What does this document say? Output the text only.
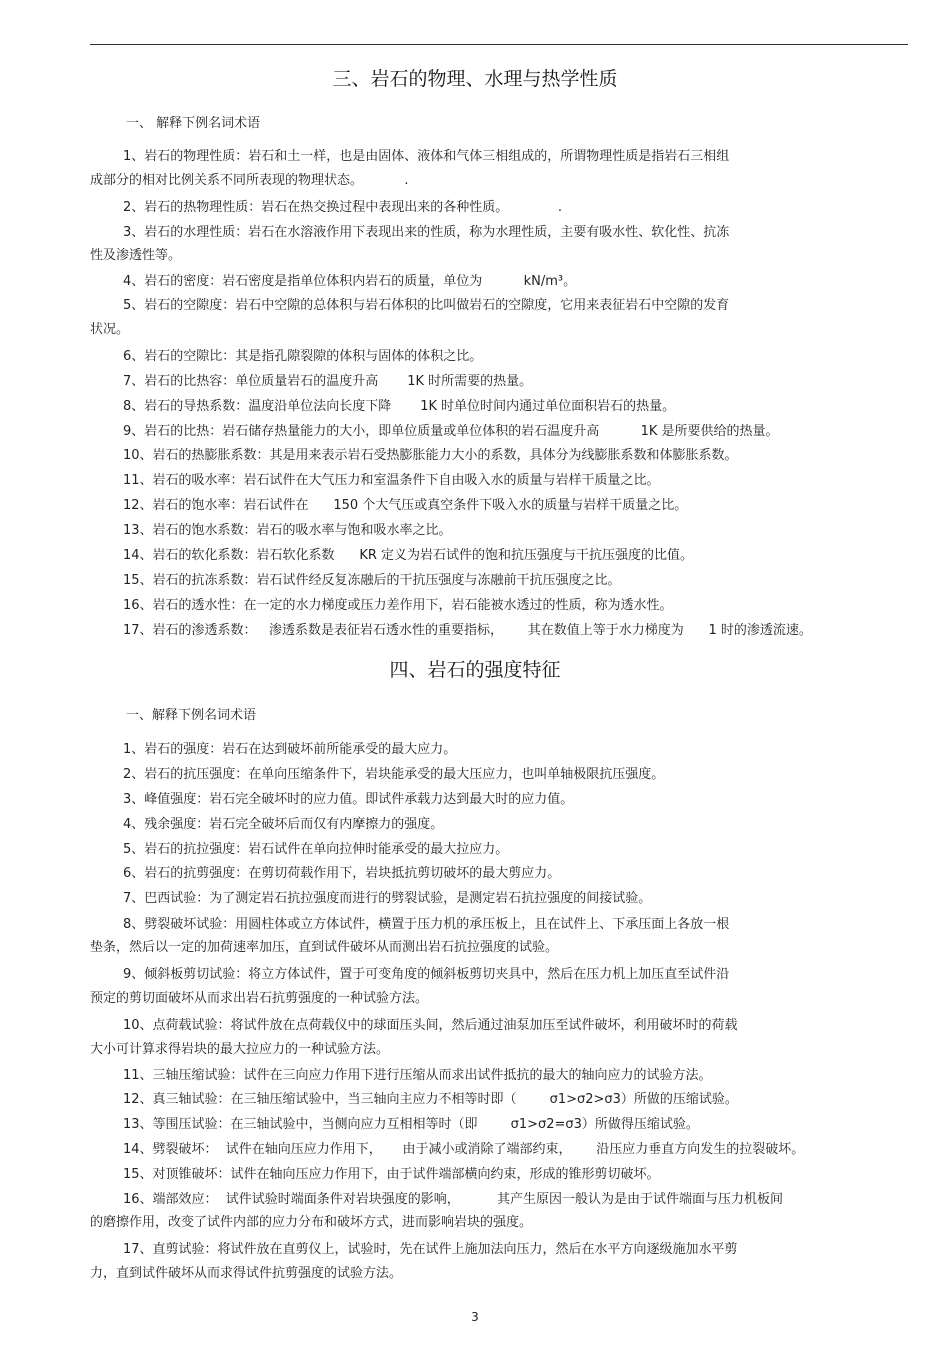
三、岩石的物理、水理与热学性质
一、 解释下例名词术语
1、岩石的物理性质：岩石和土一样，也是由固体、液体和气体三相组成的，所谓物理性质是指岩石三相组
成部分的相对比例关系不同所表现的物理状态。          .
2、岩石的热物理性质：岩石在热交换过程中表现出来的各种性质。            .
3、岩石的水理性质：岩石在水溶液作用下表现出来的性质，称为水理性质，主要有吸水性、软化性、抗冻
性及渗透性等。
4、岩石的密度：岩石密度是指单位体积内岩石的质量，单位为          kN/m³。
5、岩石的空隙度：岩石中空隙的总体积与岩石体积的比叫做岩石的空隙度，它用来表征岩石中空隙的发育
状况。
6、岩石的空隙比：其是指孔隙裂隙的体积与固体的体积之比。
7、岩石的比热容：单位质量岩石的温度升高       1K 时所需要的热量。
8、岩石的导热系数：温度沿单位法向长度下降       1K 时单位时间内通过单位面积岩石的热量。
9、岩石的比热：岩石储存热量能力的大小，即单位质量或单位体积的岩石温度升高          1K 是所要供给的热量。
10、岩石的热膨胀系数：其是用来表示岩石受热膨胀能力大小的系数，具体分为线膨胀系数和体膨胀系数。
11、岩石的吸水率：岩石试件在大气压力和室温条件下自由吸入水的质量与岩样干质量之比。
12、岩石的饱水率：岩石试件在      150 个大气压或真空条件下吸入水的质量与岩样干质量之比。
13、岩石的饱水系数：岩石的吸水率与饱和吸水率之比。
14、岩石的软化系数：岩石软化系数      KR 定义为岩石试件的饱和抗压强度与干抗压强度的比值。
15、岩石的抗冻系数：岩石试件经反复冻融后的干抗压强度与冻融前干抗压强度之比。
16、岩石的透水性：在一定的水力梯度或压力差作用下，岩石能被水透过的性质，称为透水性。
17、岩石的渗透系数：   渗透系数是表征岩石透水性的重要指标，      其在数值上等于水力梯度为      1 时的渗透流速。
四、岩石的强度特征
一、解释下例名词术语
1、岩石的强度：岩石在达到破坏前所能承受的最大应力。
2、岩石的抗压强度：在单向压缩条件下，岩块能承受的最大压应力，也叫单轴极限抗压强度。
3、峰值强度：岩石完全破坏时的应力值。即试件承载力达到最大时的应力值。
4、残余强度：岩石完全破坏后而仅有内摩擦力的强度。
5、岩石的抗拉强度：岩石试件在单向拉伸时能承受的最大拉应力。
6、岩石的抗剪强度：在剪切荷载作用下，岩块抵抗剪切破坏的最大剪应力。
7、巴西试验：为了测定岩石抗拉强度而进行的劈裂试验，是测定岩石抗拉强度的间接试验。
8、劈裂破坏试验：用圆柱体或立方体试件，横置于压力机的承压板上，且在试件上、下承压面上各放一根
垫条，然后以一定的加荷速率加压，直到试件破坏从而测出岩石抗拉强度的试验。
9、倾斜板剪切试验：将立方体试件，置于可变角度的倾斜板剪切夹具中，然后在压力机上加压直至试件沿
预定的剪切面破坏从而求出岩石抗剪强度的一种试验方法。
10、点荷载试验：将试件放在点荷载仪中的球面压头间，然后通过油泵加压至试件破坏，利用破坏时的荷载
大小可计算求得岩块的最大拉应力的一种试验方法。
11、三轴压缩试验：试件在三向应力作用下进行压缩从而求出试件抵抗的最大的轴向应力的试验方法。
12、真三轴试验：在三轴压缩试验中，当三轴向主应力不相等时即（        σ1>σ2>σ3）所做的压缩试验。
13、等围压试验：在三轴试验中，当侧向应力互相相等时（即        σ1>σ2=σ3）所做得压缩试验。
14、劈裂破坏：  试件在轴向压应力作用下，     由于减小或消除了端部约束，      沿压应力垂直方向发生的拉裂破坏。
15、对顶锥破坏：试件在轴向压应力作用下，由于试件端部横向约束，形成的锥形剪切破坏。
16、端部效应：  试件试验时端面条件对岩块强度的影响，         其产生原因一般认为是由于试件端面与压力机板间
的磨擦作用，改变了试件内部的应力分布和破坏方式，进而影响岩块的强度。
17、直剪试验：将试件放在直剪仪上，试验时，先在试件上施加法向压力，然后在水平方向逐级施加水平剪
力，直到试件破坏从而求得试件抗剪强度的试验方法。
3
